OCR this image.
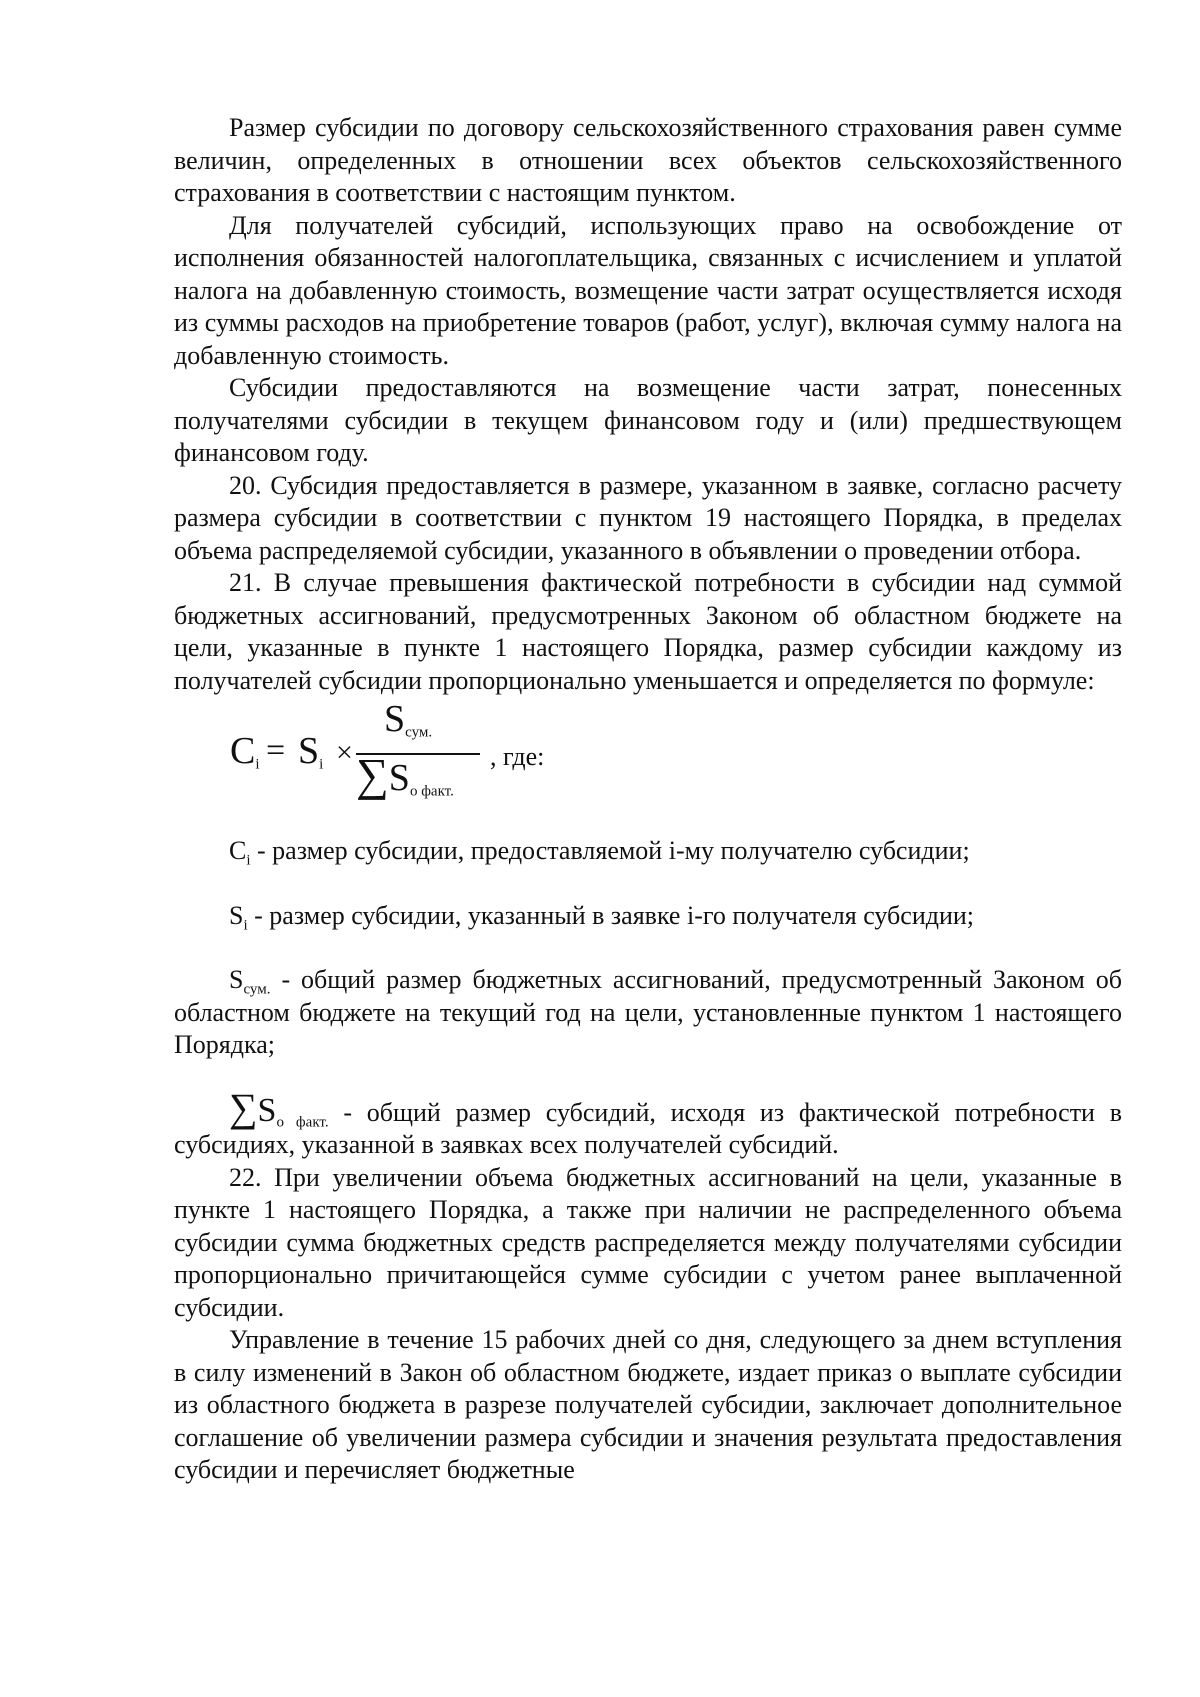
Размер субсидии по договору сельскохозяйственного страхования равен сумме величин, определенных в отношении всех объектов сельскохозяйственного страхования в соответствии с настоящим пунктом.

Для получателей субсидий, использующих право на освобождение от исполнения обязанностей налогоплательщика, связанных с исчислением и уплатой налога на добавленную стоимость, возмещение части затрат осуществляется исходя из суммы расходов на приобретение товаров (работ, услуг), включая сумму налога на добавленную стоимость.

Субсидии предоставляются на возмещение части затрат, понесенных получателями субсидии в текущем финансовом году и (или) предшествующем финансовом году.

20. Субсидия предоставляется в размере, указанном в заявке, согласно расчету размера субсидии в соответствии с пунктом 19 настоящего Порядка, в пределах объема распределяемой субсидии, указанного в объявлении о проведении отбора.

21. В случае превышения фактической потребности в субсидии над суммой бюджетных ассигнований, предусмотренных Законом об областном бюджете на цели, указанные в пункте 1 настоящего Порядка, размер субсидии каждому из получателей субсидии пропорционально уменьшается и определяется по формуле:

$C_i = S_i$ ×
$S_{сум.}$
$\sum S_{о факт.}$
, где:

$C_i$ - размер субсидии, предоставляемой i-му получателю субсидии;

$S_i$ - размер субсидии, указанный в заявке i-го получателя субсидии;

$S_{сум.}$ - общий размер бюджетных ассигнований, предусмотренный Законом об областном бюджете на текущий год на цели, установленные пунктом 1 настоящего Порядка;

$\sum S_{о факт.}$ - общий размер субсидий, исходя из фактической потребности в субсидиях, указанной в заявках всех получателей субсидий.

22. При увеличении объема бюджетных ассигнований на цели, указанные в пункте 1 настоящего Порядка, а также при наличии не распределенного объема субсидии сумма бюджетных средств распределяется между получателями субсидии пропорционально причитающейся сумме субсидии с учетом ранее выплаченной субсидии.

Управление в течение 15 рабочих дней со дня, следующего за днем вступления в силу изменений в Закон об областном бюджете, издает приказ о выплате субсидии из областного бюджета в разрезе получателей субсидии, заключает дополнительное соглашение об увеличении размера субсидии и значения результата предоставления субсидии и перечисляет бюджетные
